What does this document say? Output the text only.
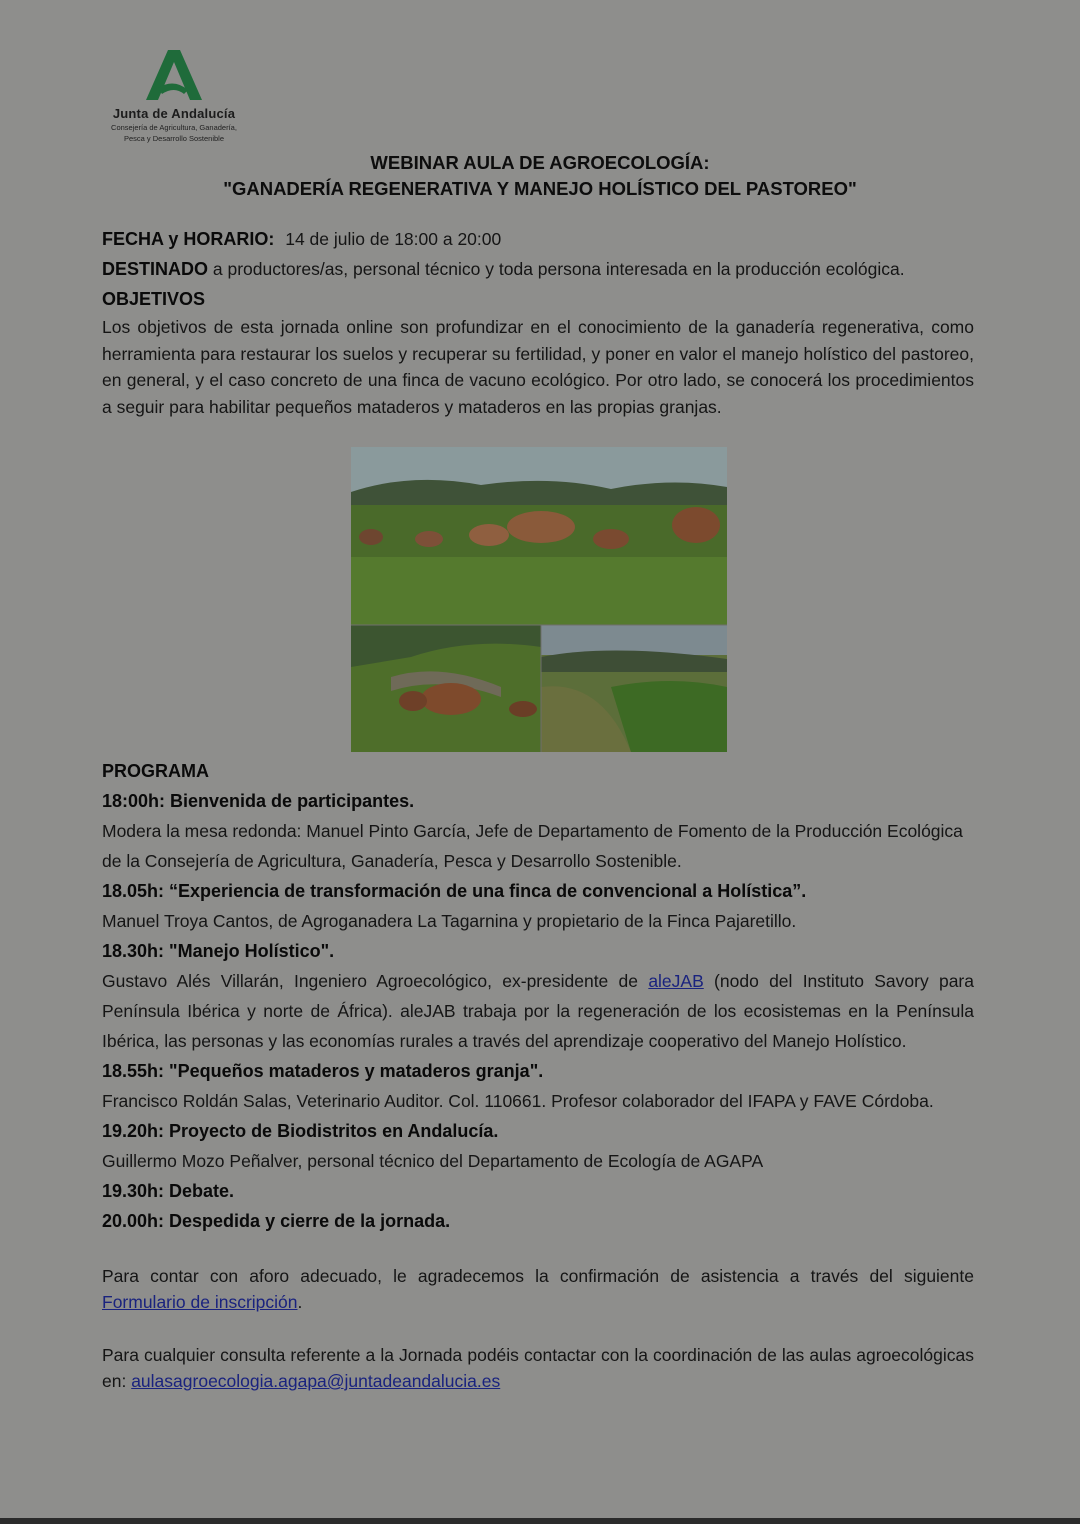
Junta de Andalucía
Consejería de Agricultura, Ganadería,
Pesca y Desarrollo Sostenible
WEBINAR AULA DE AGROECOLOGÍA:
"GANADERÍA REGENERATIVA Y MANEJO HOLÍSTICO DEL PASTOREO"
FECHA y HORARIO: 14 de julio de 18:00 a 20:00
DESTINADO a productores/as, personal técnico y toda persona interesada en la producción ecológica.
OBJETIVOS
Los objetivos de esta jornada online son profundizar en el conocimiento de la ganadería regenerativa, como herramienta para restaurar los suelos y recuperar su fertilidad, y poner en valor el manejo holístico del pastoreo, en general, y el caso concreto de una finca de vacuno ecológico. Por otro lado, se conocerá los procedimientos a seguir para habilitar pequeños mataderos y mataderos en las propias granjas.
PROGRAMA
18:00h: Bienvenida de participantes.
Modera la mesa redonda: Manuel Pinto García, Jefe de Departamento de Fomento de la Producción Ecológica de la Consejería de Agricultura, Ganadería, Pesca y Desarrollo Sostenible.
18.05h: “Experiencia de transformación de una finca de convencional a Holística”.
Manuel Troya Cantos, de Agroganadera La Tagarnina y propietario de la Finca Pajaretillo.
18.30h: "Manejo Holístico".
Gustavo Alés Villarán, Ingeniero Agroecológico, ex-presidente de aleJAB (nodo del Instituto Savory para Península Ibérica y norte de África). aleJAB trabaja por la regeneración de los ecosistemas en la Península Ibérica, las personas y las economías rurales a través del aprendizaje cooperativo del Manejo Holístico.
18.55h: "Pequeños mataderos y mataderos granja".
Francisco Roldán Salas, Veterinario Auditor. Col. 110661. Profesor colaborador del IFAPA y FAVE Córdoba.
19.20h: Proyecto de Biodistritos en Andalucía.
Guillermo Mozo Peñalver, personal técnico del Departamento de Ecología de AGAPA
19.30h: Debate.
20.00h: Despedida y cierre de la jornada.
Para contar con aforo adecuado, le agradecemos la confirmación de asistencia a través del siguiente Formulario de inscripción.
Para cualquier consulta referente a la Jornada podéis contactar con la coordinación de las aulas agroecológicas en: aulasagroecologia.agapa@juntadeandalucia.es
